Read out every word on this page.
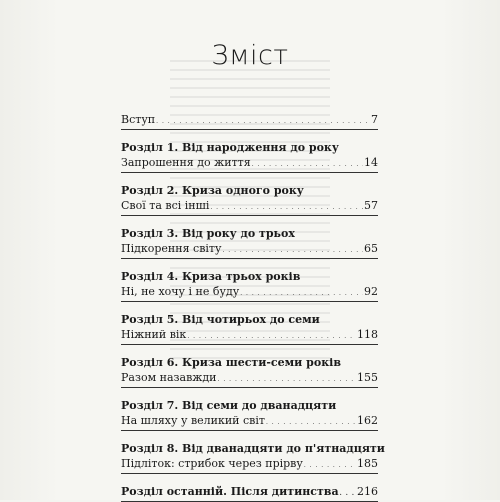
Зміст
Вступ . . .	7
Розділ 1. Від народження до року
Запрошення до життя . . .	14
Розділ 2. Криза одного року
Свої та всі інші . . .	57
Розділ 3. Від року до трьох
Підкорення світу . . .	65
Розділ 4. Криза трьох років
Ні, не хочу і не буду . . .	92
Розділ 5. Від чотирьох до семи
Ніжний вік . . .	118
Розділ 6. Криза шести-семи років
Разом назавжди . . .	155
Розділ 7. Від семи до дванадцяти
На шляху у великий світ . . .	162
Розділ 8. Від дванадцяти до п'ятнадцяти
Підліток: стрибок через прірву . . .	185
Розділ останній. Після дитинства . . . 216
